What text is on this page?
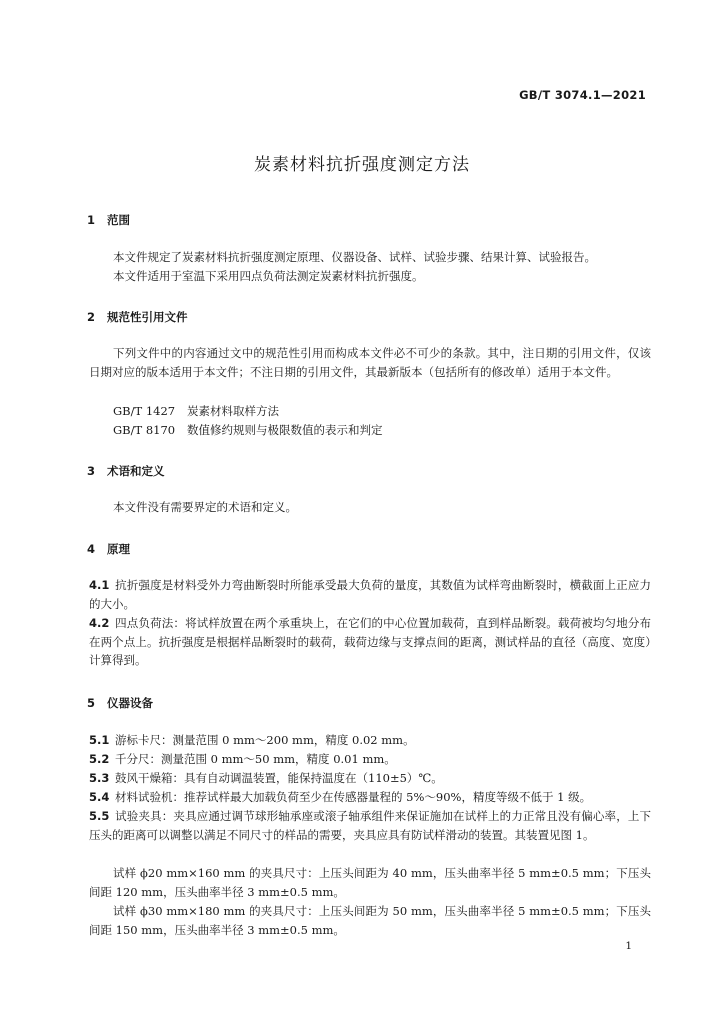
GB/T 3074.1—2021
炭素材料抗折强度测定方法
1 范围
本文件规定了炭素材料抗折强度测定原理、仪器设备、试样、试验步骤、结果计算、试验报告。
本文件适用于室温下采用四点负荷法测定炭素材料抗折强度。
2 规范性引用文件
下列文件中的内容通过文中的规范性引用而构成本文件必不可少的条款。其中，注日期的引用文件，仅该日期对应的版本适用于本文件；不注日期的引用文件，其最新版本（包括所有的修改单）适用于本文件。
GB/T 1427 炭素材料取样方法
GB/T 8170 数值修约规则与极限数值的表示和判定
3 术语和定义
本文件没有需要界定的术语和定义。
4 原理
4.1 抗折强度是材料受外力弯曲断裂时所能承受最大负荷的量度，其数值为试样弯曲断裂时，横截面上正应力的大小。
4.2 四点负荷法：将试样放置在两个承重块上，在它们的中心位置加载荷，直到样品断裂。载荷被均匀地分布在两个点上。抗折强度是根据样品断裂时的载荷，载荷边缘与支撑点间的距离，测试样品的直径（高度、宽度）计算得到。
5 仪器设备
5.1 游标卡尺：测量范围 0 mm～200 mm，精度 0.02 mm。
5.2 千分尺：测量范围 0 mm～50 mm，精度 0.01 mm。
5.3 鼓风干燥箱：具有自动调温装置，能保持温度在（110±5）℃。
5.4 材料试验机：推荐试样最大加载负荷至少在传感器量程的 5%～90%，精度等级不低于 1 级。
5.5 试验夹具：夹具应通过调节球形轴承座或滚子轴承组件来保证施加在试样上的力正常且没有偏心率，上下压头的距离可以调整以满足不同尺寸的样品的需要，夹具应具有防试样滑动的装置。其装置见图 1。
试样 ϕ20 mm×160 mm 的夹具尺寸：上压头间距为 40 mm，压头曲率半径 5 mm±0.5 mm；下压头间距 120 mm，压头曲率半径 3 mm±0.5 mm。
试样 ϕ30 mm×180 mm 的夹具尺寸：上压头间距为 50 mm，压头曲率半径 5 mm±0.5 mm；下压头间距 150 mm，压头曲率半径 3 mm±0.5 mm。
1
